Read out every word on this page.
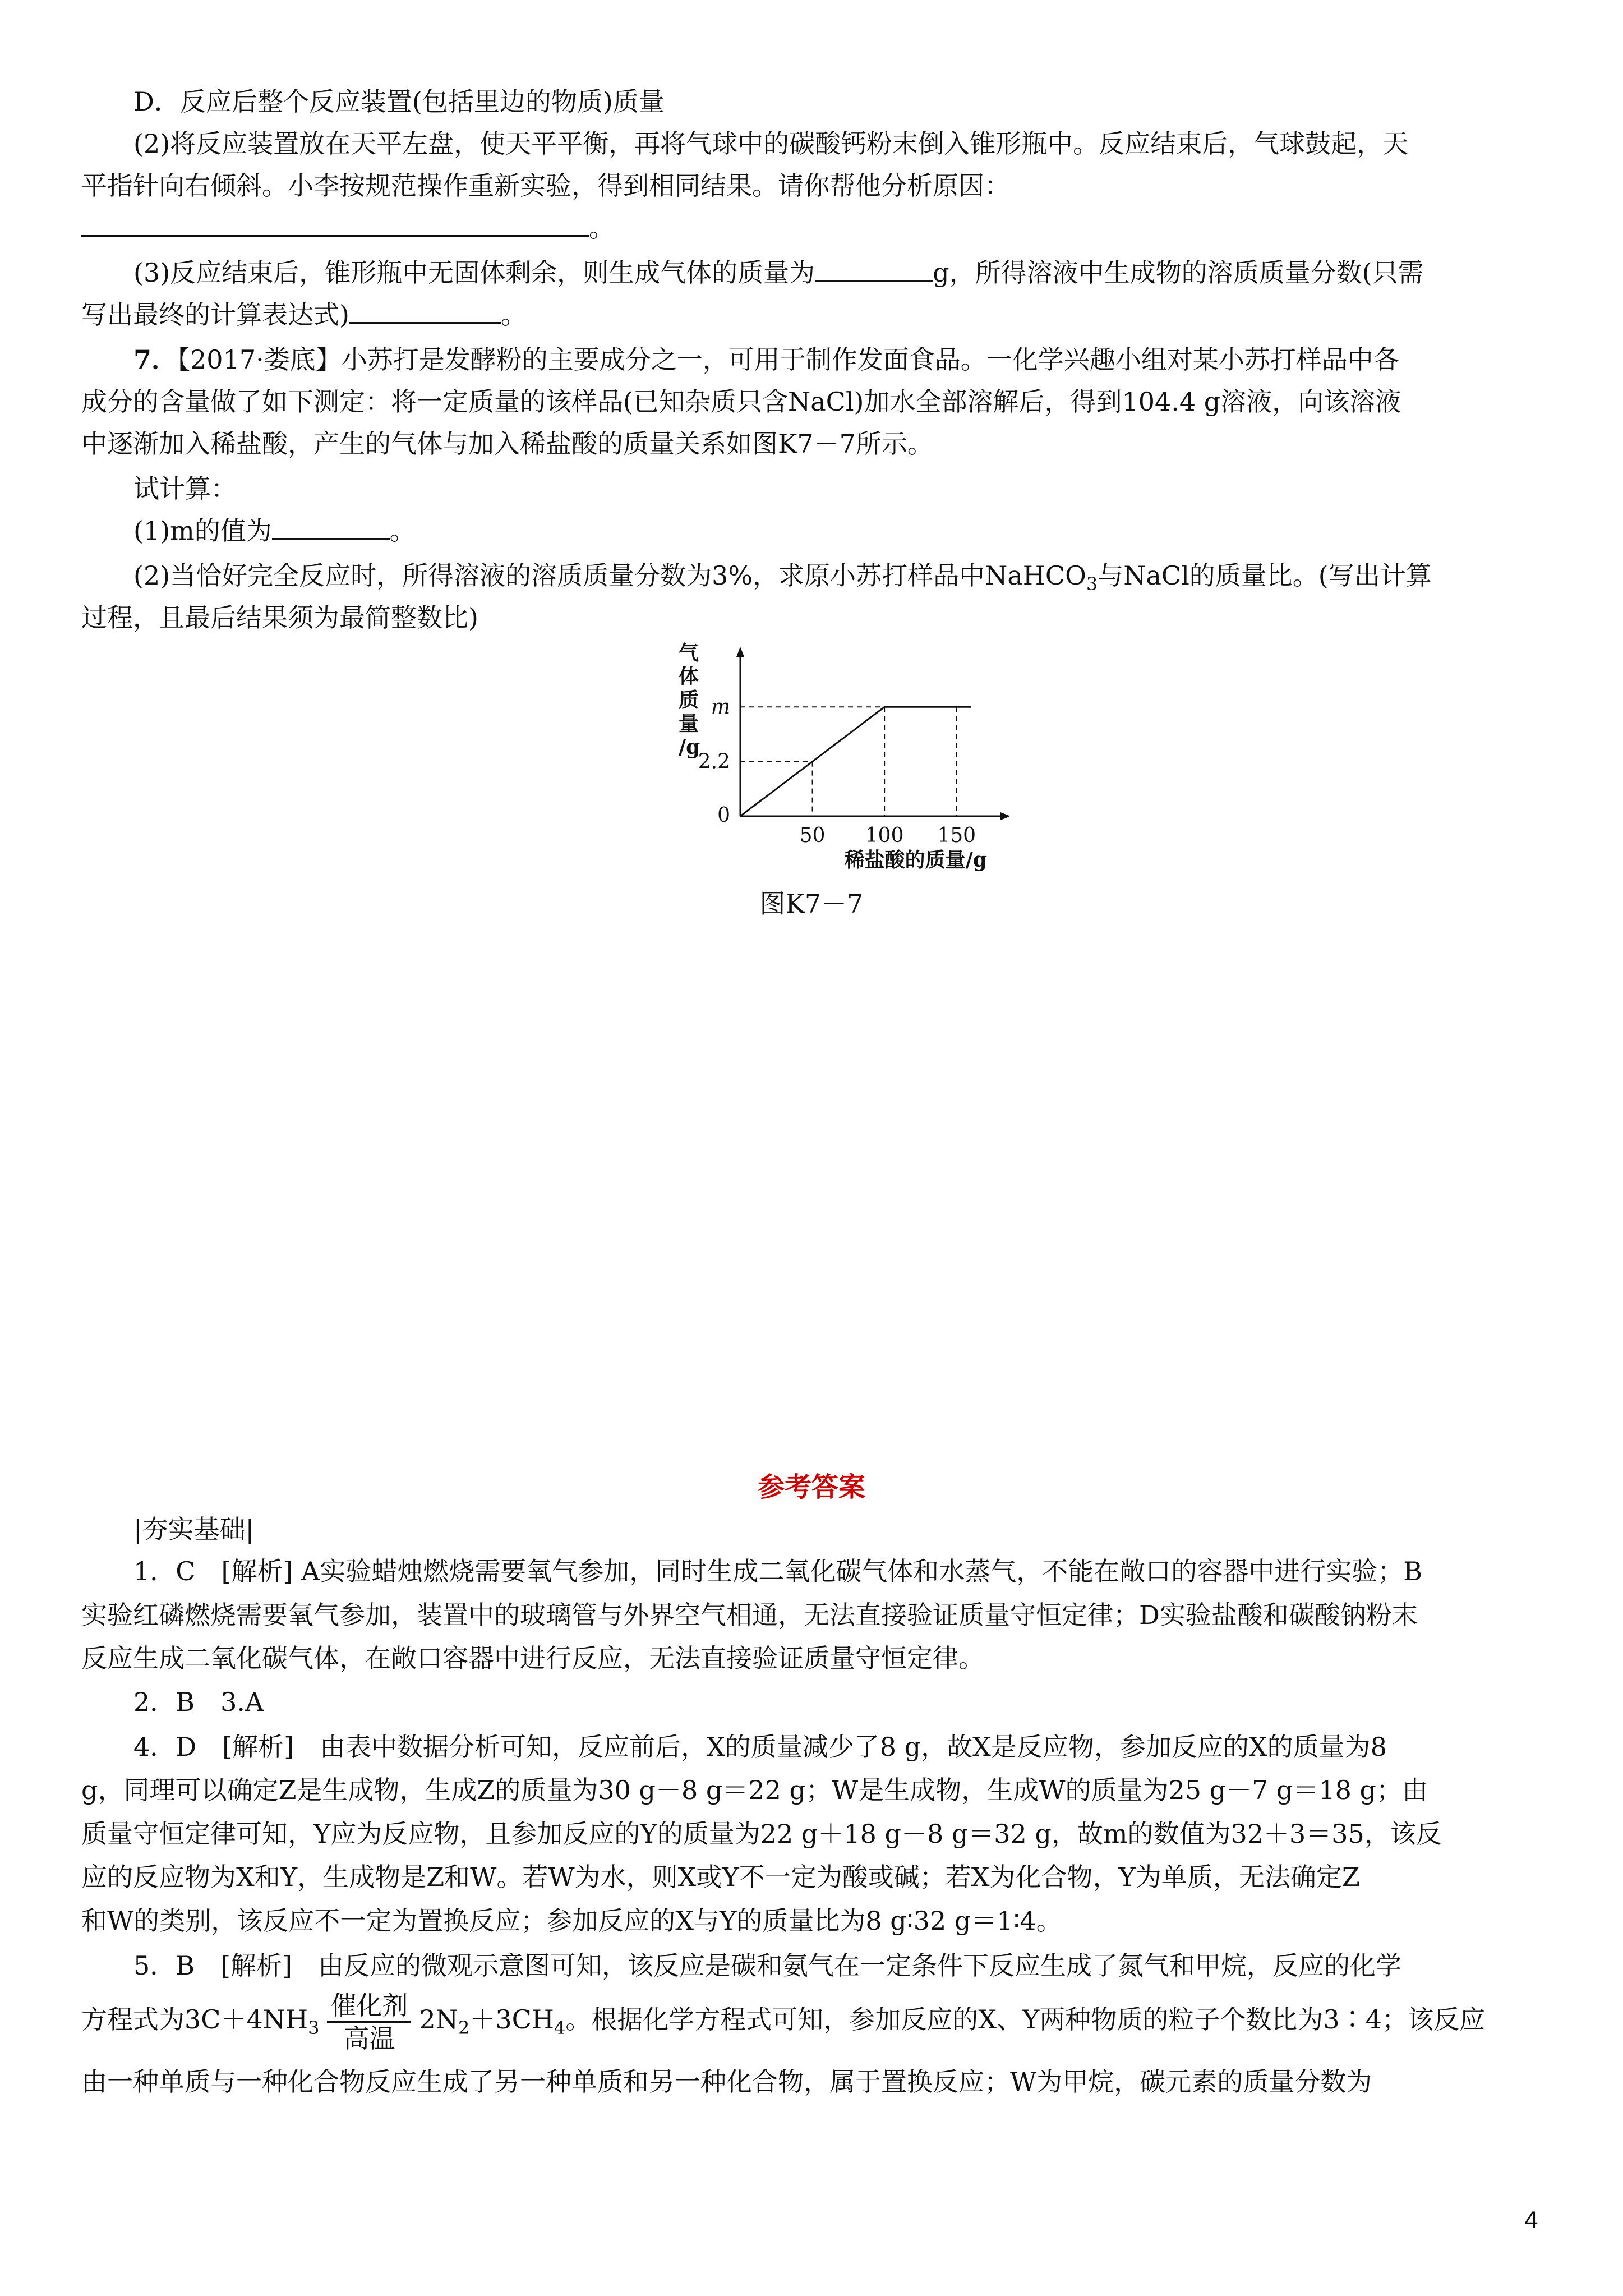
D．反应后整个反应装置(包括里边的物质)质量
(2)将反应装置放在天平左盘，使天平平衡，再将气球中的碳酸钙粉末倒入锥形瓶中。反应结束后，气球鼓起，天
平指针向右倾斜。小李按规范操作重新实验，得到相同结果。请你帮他分析原因：
。
(3)反应结束后，锥形瓶中无固体剩余，则生成气体的质量为	g，所得溶液中生成物的溶质质量分数(只需
写出最终的计算表达式)	。
7．【2017·娄底】小苏打是发酵粉的主要成分之一，可用于制作发面食品。一化学兴趣小组对某小苏打样品中各
成分的含量做了如下测定：将一定质量的该样品(已知杂质只含NaCl)加水全部溶解后，得到104.4 g溶液，向该溶液
中逐渐加入稀盐酸，产生的气体与加入稀盐酸的质量关系如图K7－7所示。
试计算：
(1)m的值为	。
(2)当恰好完全反应时，所得溶液的溶质质量分数为3%，求原小苏打样品中NaHCO$_3$与NaCl的质量比。(写出计算
过程，且最后结果须为最简整数比)
50 100 150
0
2.2
m
气
体
质
量
/g
稀盐酸的质量/g
图K7－7
参考答案
|夯实基础|
1．C　[解析] A实验蜡烛燃烧需要氧气参加，同时生成二氧化碳气体和水蒸气，不能在敞口的容器中进行实验；B
实验红磷燃烧需要氧气参加，装置中的玻璃管与外界空气相通，无法直接验证质量守恒定律；D实验盐酸和碳酸钠粉末
反应生成二氧化碳气体，在敞口容器中进行反应，无法直接验证质量守恒定律。
2．B　3.A
4．D　[解析]　由表中数据分析可知，反应前后，X的质量减少了8 g，故X是反应物，参加反应的X的质量为8
g，同理可以确定Z是生成物，生成Z的质量为30 g－8 g＝22 g；W是生成物，生成W的质量为25 g－7 g＝18 g；由
质量守恒定律可知，Y应为反应物，且参加反应的Y的质量为22 g＋18 g－8 g＝32 g，故m的数值为32＋3＝35，该反
应的反应物为X和Y，生成物是Z和W。若W为水，则X或Y不一定为酸或碱；若X为化合物，Y为单质，无法确定Z
和W的类别，该反应不一定为置换反应；参加反应的X与Y的质量比为8 g∶32 g＝1∶4。
5．B　[解析]　由反应的微观示意图可知，该反应是碳和氨气在一定条件下反应生成了氮气和甲烷，反应的化学
方程式为$3C+4NH_3 \frac{\text{催化剂}}{\text{高温}} 2N_2+3CH_4$。根据化学方程式可知，参加反应的X、Y两种物质的粒子个数比为3∶4；该反应
由一种单质与一种化合物反应生成了另一种单质和另一种化合物，属于置换反应；W为甲烷，碳元素的质量分数为
4
